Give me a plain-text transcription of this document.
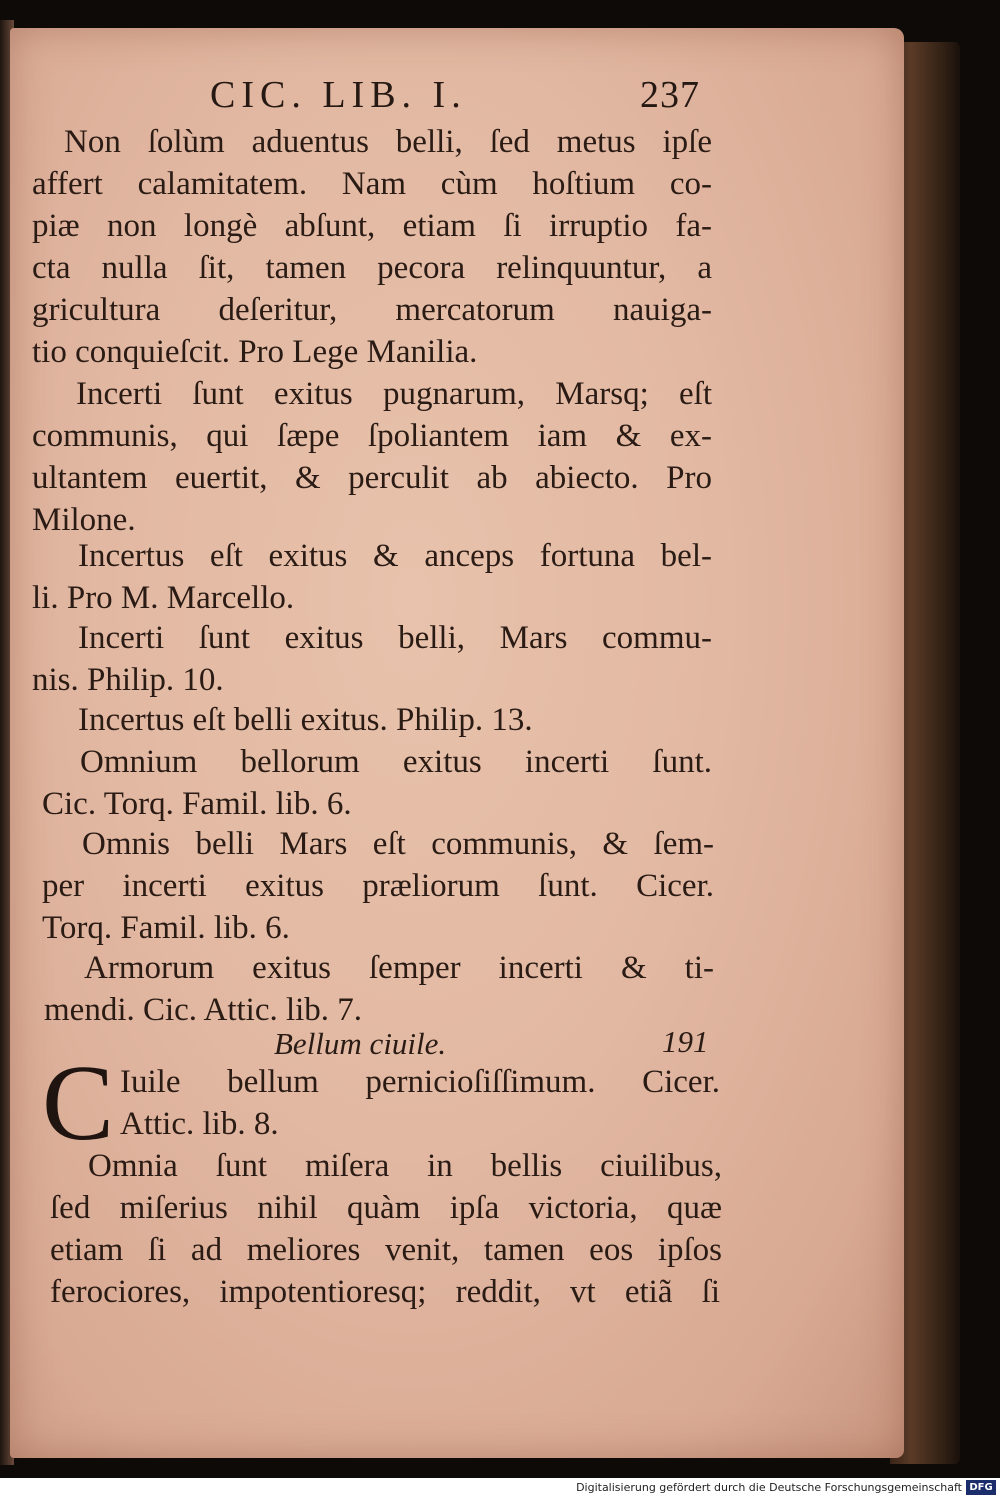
CIC. LIB. I.	237
Non ſolùm aduentus belli, ſed metus ipſe
affert calamitatem. Nam cùm hoſtium co-
piæ non longè abſunt, etiam ſi irruptio fa-
cta nulla ſit, tamen pecora relinquuntur, a
gricultura deſeritur, mercatorum nauiga-
tio conquieſcit. Pro Lege Manilia.
Incerti ſunt exitus pugnarum, Marsq; eſt
communis, qui ſæpe ſpoliantem iam & ex-
ultantem euertit, & perculit ab abiecto. Pro
Milone.
Incertus eſt exitus & anceps fortuna bel-
li. Pro M. Marcello.
Incerti ſunt exitus belli, Mars commu-
nis. Philip. 10.
Incertus eſt belli exitus. Philip. 13.
Omnium bellorum exitus incerti ſunt.
Cic. Torq. Famil. lib. 6.
Omnis belli Mars eſt communis, & ſem-
per incerti exitus præliorum ſunt. Cicer.
Torq. Famil. lib. 6.
Armorum exitus ſemper incerti & ti-
mendi. Cic. Attic. lib. 7.
Bellum ciuile.	191
C Iuile bellum pernicioſiſſimum. Cicer.
Attic. lib. 8.
Omnia ſunt miſera in bellis ciuilibus,
ſed miſerius nihil quàm ipſa victoria, quæ
etiam ſi ad meliores venit, tamen eos ipſos
ferociores, impotentioresq; reddit, vt etiã ſi
Digitalisierung gefördert durch die Deutsche Forschungsgemeinschaft DFG
